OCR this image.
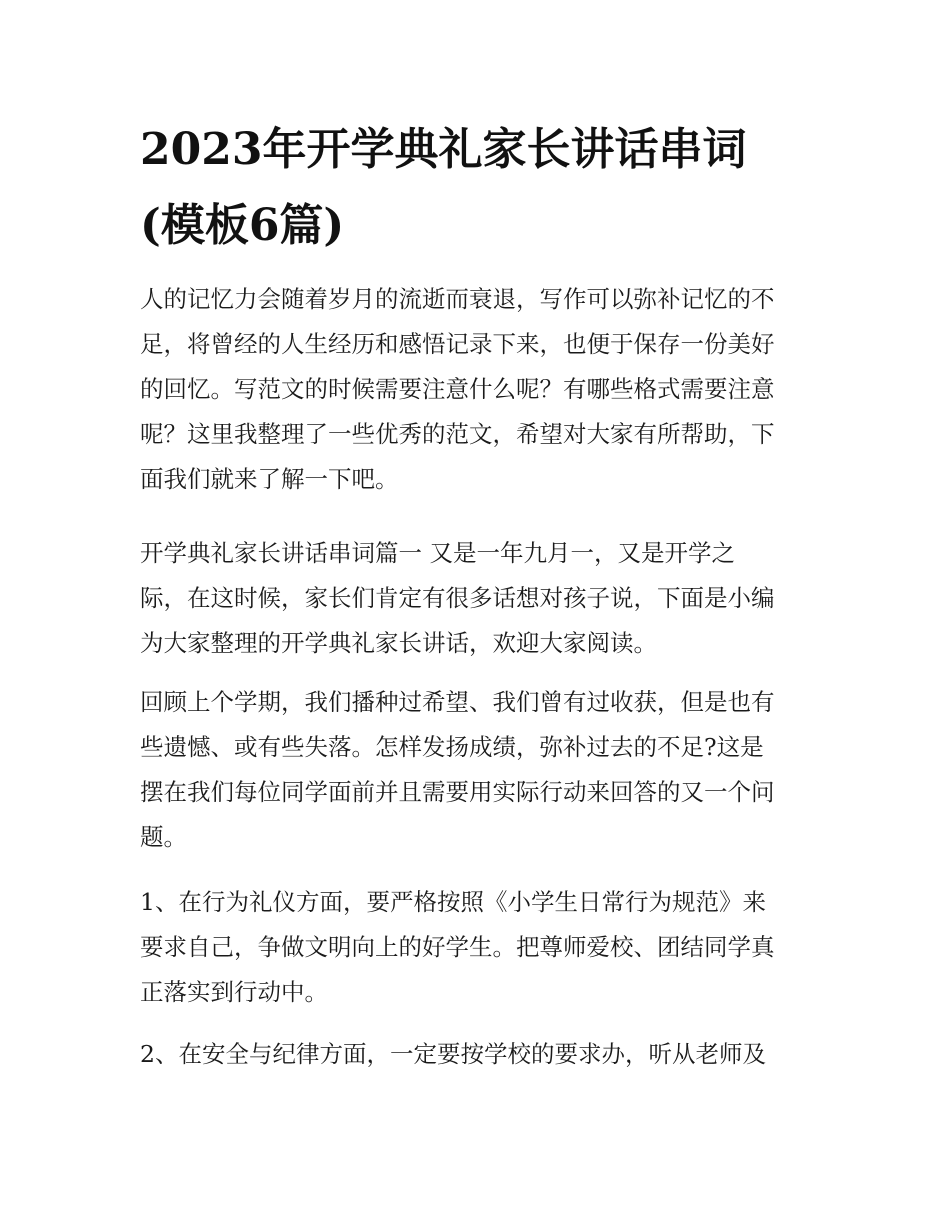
2023年开学典礼家长讲话串词
(模板6篇)
人的记忆力会随着岁月的流逝而衰退，写作可以弥补记忆的不
足，将曾经的人生经历和感悟记录下来，也便于保存一份美好
的回忆。写范文的时候需要注意什么呢？有哪些格式需要注意
呢？这里我整理了一些优秀的范文，希望对大家有所帮助，下
面我们就来了解一下吧。
开学典礼家长讲话串词篇一 又是一年九月一，又是开学之
际，在这时候，家长们肯定有很多话想对孩子说，下面是小编
为大家整理的开学典礼家长讲话，欢迎大家阅读。
回顾上个学期，我们播种过希望、我们曾有过收获，但是也有
些遗憾、或有些失落。怎样发扬成绩，弥补过去的不足?这是
摆在我们每位同学面前并且需要用实际行动来回答的又一个问
题。
1、在行为礼仪方面，要严格按照《小学生日常行为规范》来
要求自己，争做文明向上的好学生。把尊师爱校、团结同学真
正落实到行动中。
2、在安全与纪律方面，一定要按学校的要求办，听从老师及
